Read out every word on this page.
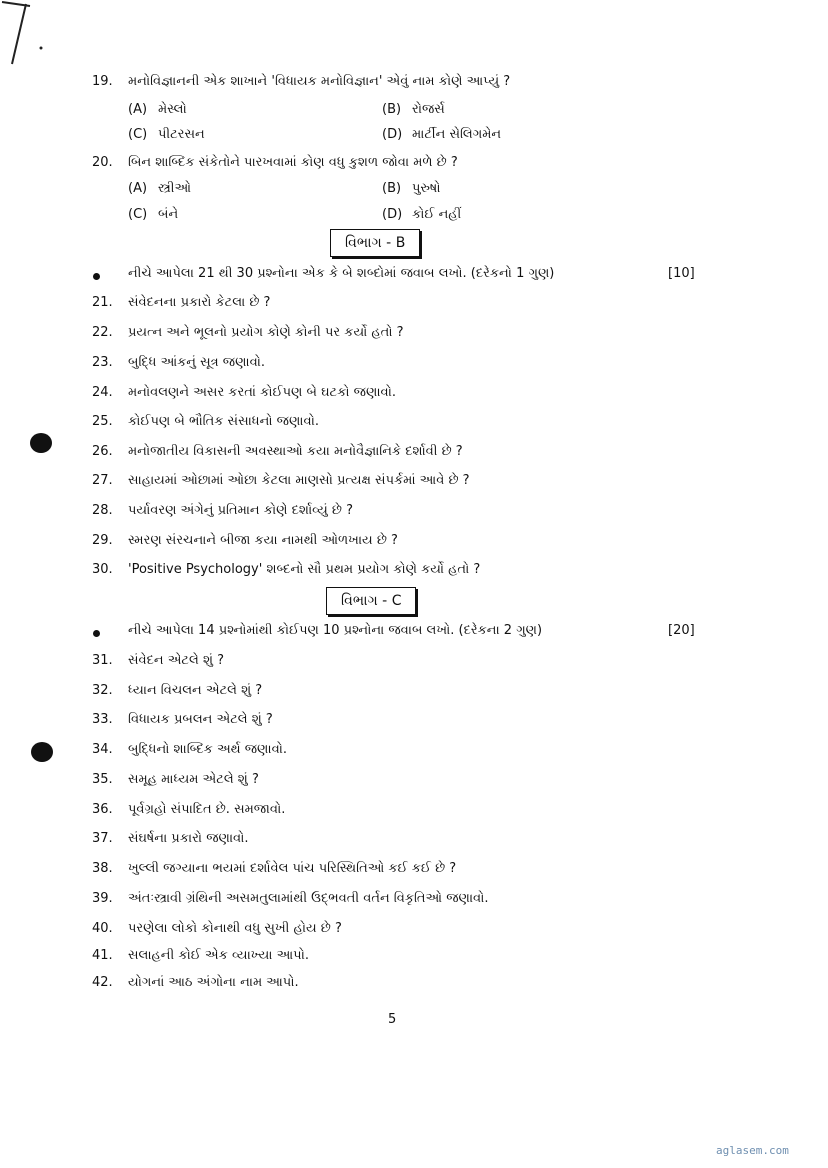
19. મનોવિજ્ઞાનની એક શાખાને 'વિધાયક મનોવિજ્ઞાન' એવું નામ કોણે આપ્યું ?
(A) મેસ્લો	(B) રોજર્સ
(C) પીટરસન	(D) માર્ટીન સેલિગમેન
20. બિન શાબ્દિક સંકેતોને પારખવામાં કોણ વધુ કુશળ જોવા મળે છે ?
(A) સ્ત્રીઓ	(B) પુરુષો
(C) બંને	(D) કોઈ નહીં
વિભાગ - B
નીચે આપેલા 21 થી 30 પ્રશ્નોના એક કે બે શબ્દોમાં જવાબ લખો. (દરેકનો 1 ગુણ)	[10]
21. સંવેદનના પ્રકારો કેટલા છે ?
22. પ્રયત્ન અને ભૂલનો પ્રયોગ કોણે કોની પર કર્યો હતો ?
23. બુદ્ધિ આંકનું સૂત્ર જણાવો.
24. મનોવલણને અસર કરતાં કોઈપણ બે ઘટકો જણાવો.
25. કોઈપણ બે ભૌતિક સંસાધનો જણાવો.
26. મનોજાતીય વિકાસની અવસ્થાઓ કયા મનોવૈજ્ઞાનિકે દર્શાવી છે ?
27. સાહાયમાં ઓછામાં ઓછા કેટલા માણસો પ્રત્યક્ષ સંપર્કમાં આવે છે ?
28. પર્યાવરણ અંગેનું પ્રતિમાન કોણે દર્શાવ્યું છે ?
29. સ્મરણ સંરચનાને બીજા કયા નામથી ઓળખાય છે ?
30. 'Positive Psychology' શબ્દનો સૌ પ્રથમ પ્રયોગ કોણે કર્યો હતો ?
વિભાગ - C
નીચે આપેલા 14 પ્રશ્નોમાંથી કોઈપણ 10 પ્રશ્નોના જવાબ લખો. (દરેકના 2 ગુણ)	[20]
31. સંવેદન એટલે શું ?
32. ધ્યાન વિચલન એટલે શું ?
33. વિધાયક પ્રબલન એટલે શું ?
34. બુદ્ધિનો શાબ્દિક અર્થ જણાવો.
35. સમૂહ માધ્યમ એટલે શું ?
36. પૂર્વગ્રહો સંપાદિત છે. સમજાવો.
37. સંઘર્ષના પ્રકારો જણાવો.
38. ખુલ્લી જગ્યાના ભયમાં દર્શાવેલ પાંચ પરિસ્થિતિઓ કઈ કઈ છે ?
39. અંતઃસ્ત્રાવી ગ્રંથિની અસમતુલામાંથી ઉદ્ભવતી વર્તન વિકૃતિઓ જણાવો.
40. પરણેલા લોકો કોનાથી વધુ સુખી હોય છે ?
41. સલાહની કોઈ એક વ્યાખ્યા આપો.
42. યોગનાં આઠ અંગોના નામ આપો.
5
aglasem.com
